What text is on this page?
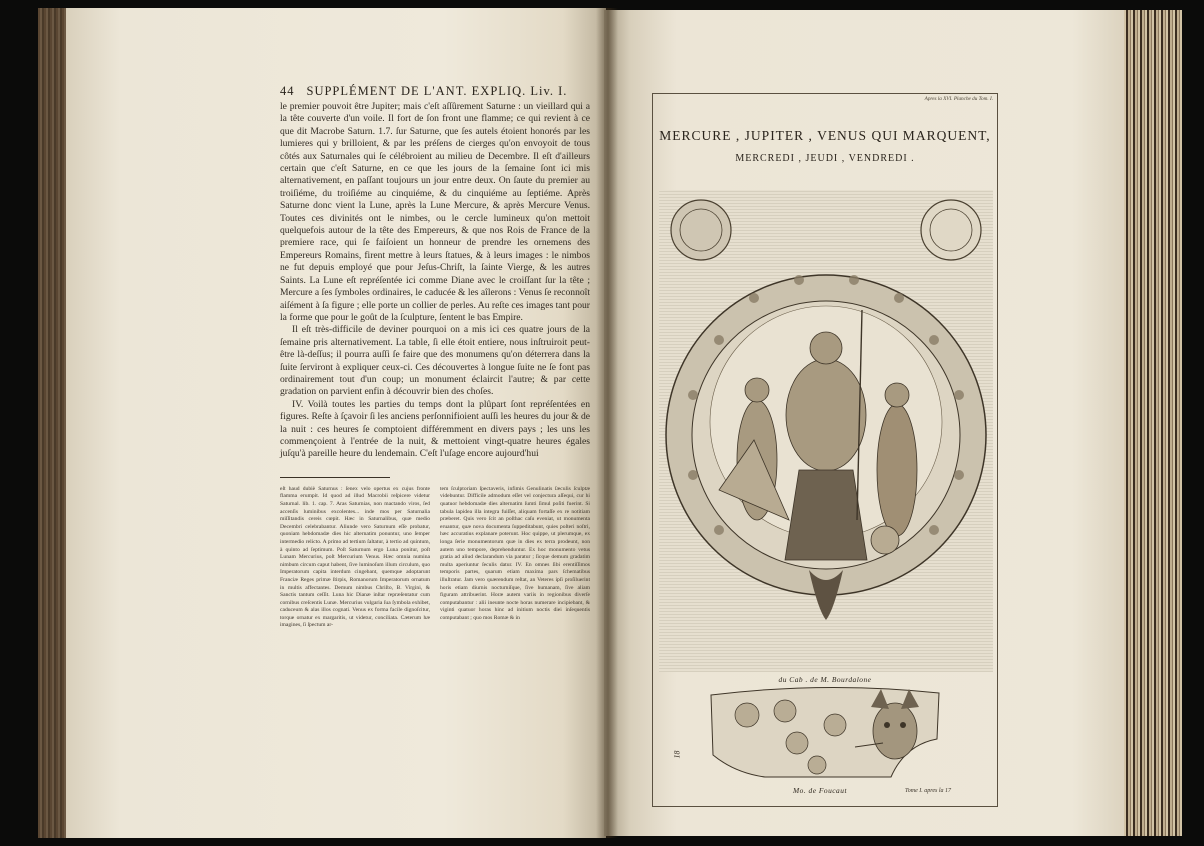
44 SUPPLÉMENT DE L'ANT. EXPLIQ. Liv. I.

le premier pouvoit être Jupiter; mais c'eſt aſſûrement Saturne : un vieillard qui a la tête couverte d'un voile. Il fort de ſon front une flamme; ce qui revient à ce que dit Macrobe Saturn. 1.7. ſur Saturne, que ſes autels étoient honorés par les lumieres qui y brilloient, & par les préſens de cierges qu'on envoyoit de tous côtés aux Saturnales qui ſe célébroient au milieu de Decembre. Il eſt d'ailleurs certain que c'eſt Saturne, en ce que les jours de la ſemaine ſont ici mis alternativement, en paſſant toujours un jour entre deux. On ſaute du premier au troiſiéme, du troiſiéme au cinquiéme, & du cinquiéme au ſeptiéme. Après Saturne donc vient la Lune, après la Lune Mercure, & après Mercure Venus. Toutes ces divinités ont le nimbes, ou le cercle lumineux qu'on mettoit quelquefois autour de la tête des Empereurs, & que nos Rois de France de la premiere race, qui ſe faiſoient un honneur de prendre les ornemens des Empereurs Romains, firent mettre à leurs ſtatues, & à leurs images : le nimbos ne fut depuis employé que pour Jeſus-Chriſt, la ſainte Vierge, & les autres Saints. La Lune eſt repréſentée ici comme Diane avec le croiſſant ſur la tête ; Mercure a ſes ſymboles ordinaires, le caducée & les aîlerons : Venus ſe reconnoît aiſément à ſa figure ; elle porte un collier de perles. Au reſte ces images tant pour la forme que pour le goût de la ſculpture, ſentent le bas Empire.

Il eſt très-difficile de deviner pourquoi on a mis ici ces quatre jours de la ſemaine pris alternativement. La table, ſi elle étoit entiere, nous inſtruiroit peut-être là-deſſus; il pourra auſſi ſe faire que des monumens qu'on déterrera dans la ſuite ſerviront à expliquer ceux-ci. Ces découvertes à longue ſuite ne ſe font pas ordinairement tout d'un coup; un monument éclaircit l'autre; & par cette gradation on parvient enfin à découvrir bien des choſes.

IV. Voilà toutes les parties du temps dont la plûpart ſont repréſentées en figures. Reſte à ſçavoir ſi les anciens perſonnifioient auſſi les heures du jour & de la nuit : ces heures ſe comptoient différemment en divers pays ; les uns les commençoient à l'entrée de la nuit, & mettoient vingt-quatre heures égales juſqu'à pareille heure du lendemain. C'eſt l'uſage encore aujourd'hui

eſt haud dubiè Saturnus : ſenex velo opertus ex cujus fronte flamma erumpit. Id quod ad illud Macrobii reſpicere videtur Saturnal. lib. 1. cap. 7. Aras Saturnias, non mactando viros, ſed accenſis luminibus excolentes... inde mos per Saturnalia miſſitandis cereis cœpit. Hæc in Saturnalibus, quæ medio Decembri celebrabantur. Aliunde vero Saturnum eſſe probatur, quoniam hebdomadæ dies hic alternatim ponuntur, uno ſemper intermedio relicto. A primo ad tertium ſaltatur, à tertio ad quintum, à quinto ad ſeptimum. Poſt Saturnum ergo Luna ponitur, poſt Lunam Mercurius, poſt Mercurium Venus. Hæc omnia numina nimbum circum caput habent, ſive luminoſum illum circulum, quo Imperatorum capita interdum cingebant, quemque adoptarunt Franciæ Reges primæ ſtirpis, Romanorum Imperatorum ornatum in multis affectantes. Demum nimbus Chriſto, B. Virgini, & Sanctis tantum ceſſit. Luna hic Dianæ inſtar repræſentatur cum cornibus creſcentis Lunæ. Mercurius vulgaria ſua ſymbola exhibet, caduceum & alas illos cognati. Venus ex forma facile dignoſcitur, torque ornatur ex margaritis, ut videtur, conciliata. Cæterum hæ imagines, ſi ſpectum ar-

tem ſculptoriam ſpectaveris, infimis Genulinatis ſæculis ſculptæ videbuntur. Difficile admodum eſſet vel conjectura aſſequi, cur hi quatuor hebdomadæ dies alternatim ſumti ſimul poſiti fuerint. Si tabula lapidea illa integra fuiſſet, aliquam fortaſſe ex re notitiam præberet. Quis vero ſcit an poſthac caſu eveniat, ut monumenta eruantur, quæ nova documenta ſuppeditabunt, quies poſteri noſtri, hæc accuratius explanare poterunt. Hoc quippe, ut plerumque, ex longa ſerie monumentorum quæ in dies ex terra prodeunt, non autem uno tempore, deprehenduntur. Ex hoc monumento vetus gratia ad aliud declarandum via paratur ; ſicque demum gradatim multa aperiuntur ſeculis datur. IV. En omnes ſibi erentiſſimos temporis partes, quarum etiam maxima pars ſchematibus illuſtratur. Jam vero quærendum reſtat, an Veteres ipſi proſiluerint horis etiam diurnis nocturniſque, ſive humanam, ſive aliam figuram attribuerint. Horæ autem variis in regionibus diverſe computabantur : alii ineunte nocte horas numerare incipiebant, & viginti quatuor horas hinc ad initium noctis diei inſequentis computabant ; quo mos Romæ & in

Apres la XVI. Planche du Tom. I.
MERCURE , JUPITER , VENUS QUI MARQUENT,
MERCREDI , JEUDI , VENDREDI .
du Cab . de M. Bourdalone
Mo. de Foucaut	Tome I. apres la 17
18
